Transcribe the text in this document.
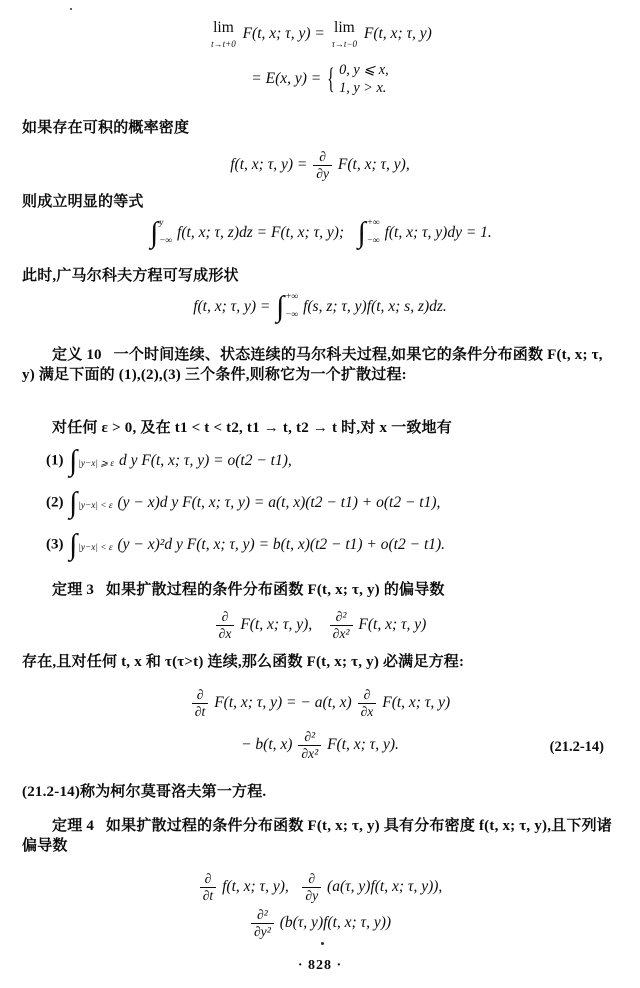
lim
t→t+0
F(t, x; τ, y) = lim
τ→t−0
F(t, x; τ, y)
= E(x, y) =
{ 0, y ⩽ x,
1, y > x.
如果存在可积的概率密度
f(t, x; τ, $y) = \frac{\partial}{\partial y} F(t$, x; τ, y),
则成立明显的等式
∫ y
−∞
f(t, x; τ, z)dz = F(t, x; τ, y); ∫ +∞
−∞
f(t, x; τ, y)dy = 1.
此时,广马尔科夫方程可写成形状
f(t, x; τ, y) = ∫ +∞
−∞
f(s, z; τ, y)f(t, x; s, z)dz.
定义 10 一个时间连续、状态连续的马尔科夫过程,如果它的条件分布函数 F(t, x; τ, y) 满足下面的 (1),(2),(3) 三个条件,则称它为一个扩散过程:
对任何 ε > 0, 及在 t1 < t < t2, t1 → t, t2 → t 时,对 x 一致地有
(1) ∫ |y−x| ⩾ ε d y F(t, x; τ, y) = o(t2 − t1),
(2) ∫ |y−x| < ε (y − x)d y F(t, x; τ, y) = a(t, x)(t2 − t1) + o(t2 − t1),
(3) ∫ |y−x| < ε (y − x)²d y F(t, x; τ, y) = b(t, x)(t2 − t1) + o(t2 − t1).
定理 3 如果扩散过程的条件分布函数 F(t, x; τ, y) 的偏导数
$\frac{\partial}{\partial x} F(t$, x; τ, y), $\frac{\text{∂²}}{\text{∂x²}} F(t$, x; τ, y)
存在,且对任何 t, x 和 τ(τ>t) 连续,那么函数 F(t, x; τ, y) 必满足方程:
$\frac{\partial}{\partial t} F(t$, x; τ, y) = − a(t, $x) \frac{\partial}{\partial x} F(t$, x; τ, y)
− b(t, $x) \frac{\text{∂²}}{\text{∂x²}} F(t$, x; τ, y).	(21.2-14)
(21.2-14)称为柯尔莫哥洛夫第一方程.
定理 4 如果扩散过程的条件分布函数 F(t, x; τ, y) 具有分布密度 f(t, x; τ, y),且下列诸偏导数
$\frac{\partial}{\partial t} f(t$, x; τ, y), $\frac{\partial}{\partial y} (a(\tau$, y)f(t, x; τ, y)),
$\frac{\text{∂²}}{\text{∂y²}} (b(\tau$, y)f(t, x; τ, y))
· 828 ·
